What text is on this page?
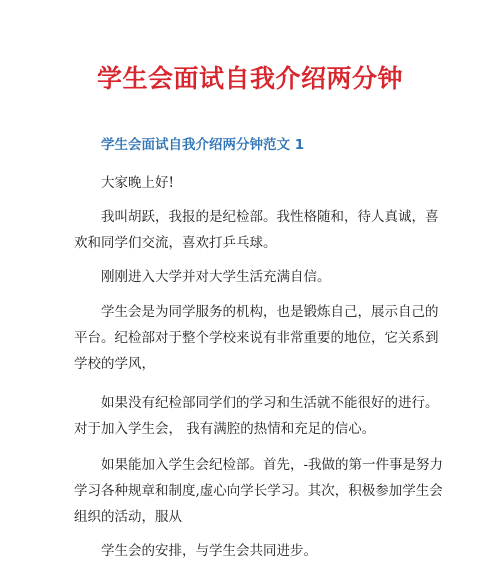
学生会面试自我介绍两分钟
学生会面试自我介绍两分钟范文 1
大家晚上好!
我叫胡跃，我报的是纪检部。我性格随和，待人真诚，喜
欢和同学们交流，喜欢打乒乓球。
刚刚进入大学并对大学生活充满自信。
学生会是为同学服务的机构，也是锻炼自己，展示自己的
平台。纪检部对于整个学校来说有非常重要的地位，它关系到
学校的学风，
如果没有纪检部同学们的学习和生活就不能很好的进行。
对于加入学生会， 我有满腔的热情和充足的信心。
如果能加入学生会纪检部。首先，-我做的第一件事是努力
学习各种规章和制度,虚心向学长学习。其次，积极参加学生会
组织的活动，服从
学生会的安排，与学生会共同进步。
